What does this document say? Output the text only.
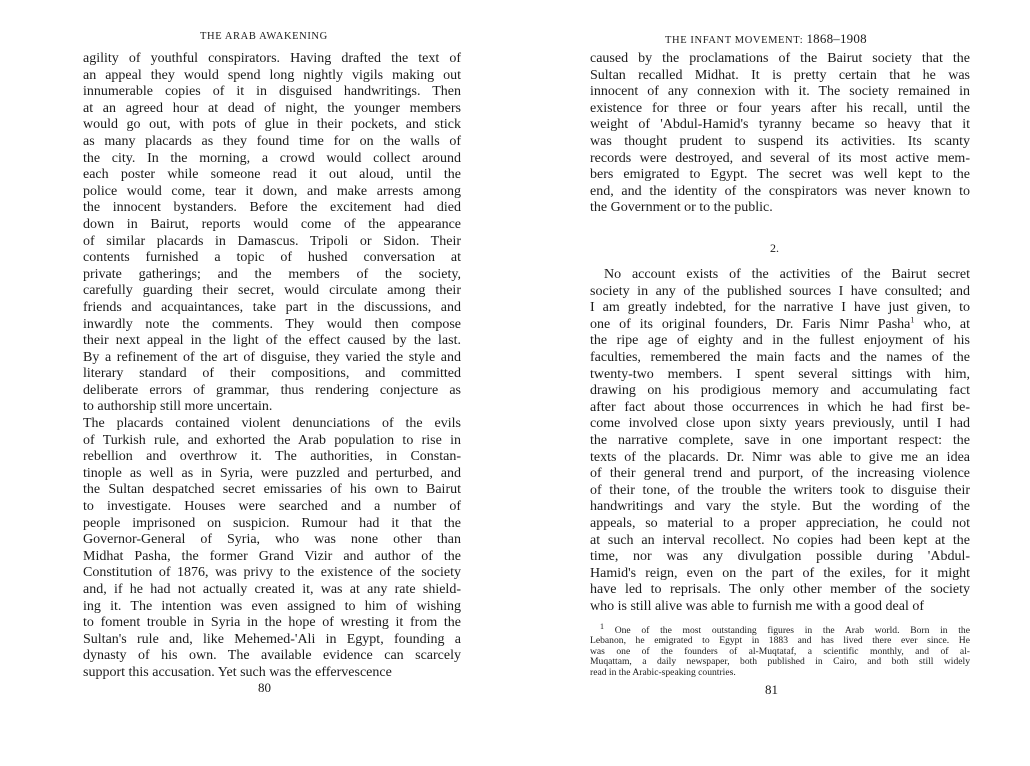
THE ARAB AWAKENING
agility of youthful conspirators. Having drafted the text of
an appeal they would spend long nightly vigils making out
innumerable copies of it in disguised handwritings. Then
at an agreed hour at dead of night, the younger members
would go out, with pots of glue in their pockets, and stick
as many placards as they found time for on the walls of
the city. In the morning, a crowd would collect around
each poster while someone read it out aloud, until the
police would come, tear it down, and make arrests among
the innocent bystanders. Before the excitement had died
down in Bairut, reports would come of the appearance
of similar placards in Damascus. Tripoli or Sidon. Their
contents furnished a topic of hushed conversation at
private gatherings; and the members of the society,
carefully guarding their secret, would circulate among their
friends and acquaintances, take part in the discussions, and
inwardly note the comments. They would then compose
their next appeal in the light of the effect caused by the last.
By a refinement of the art of disguise, they varied the style and
literary standard of their compositions, and committed
deliberate errors of grammar, thus rendering conjecture as
to authorship still more uncertain.
The placards contained violent denunciations of the evils
of Turkish rule, and exhorted the Arab population to rise in
rebellion and overthrow it. The authorities, in Constan-
tinople as well as in Syria, were puzzled and perturbed, and
the Sultan despatched secret emissaries of his own to Bairut
to investigate. Houses were searched and a number of
people imprisoned on suspicion. Rumour had it that the
Governor-General of Syria, who was none other than
Midhat Pasha, the former Grand Vizir and author of the
Constitution of 1876, was privy to the existence of the society
and, if he had not actually created it, was at any rate shield-
ing it. The intention was even assigned to him of wishing
to foment trouble in Syria in the hope of wresting it from the
Sultan's rule and, like Mehemed-'Ali in Egypt, founding a
dynasty of his own. The available evidence can scarcely
support this accusation. Yet such was the effervescence
80
THE INFANT MOVEMENT: 1868–1908
caused by the proclamations of the Bairut society that the
Sultan recalled Midhat. It is pretty certain that he was
innocent of any connexion with it. The society remained in
existence for three or four years after his recall, until the
weight of 'Abdul-Hamid's tyranny became so heavy that it
was thought prudent to suspend its activities. Its scanty
records were destroyed, and several of its most active mem-
bers emigrated to Egypt. The secret was well kept to the
end, and the identity of the conspirators was never known to
the Government or to the public.
2.
No account exists of the activities of the Bairut secret
society in any of the published sources I have consulted; and
I am greatly indebted, for the narrative I have just given, to
one of its original founders, Dr. Faris Nimr Pasha$^1$ who, at
the ripe age of eighty and in the fullest enjoyment of his
faculties, remembered the main facts and the names of the
twenty-two members. I spent several sittings with him,
drawing on his prodigious memory and accumulating fact
after fact about those occurrences in which he had first be-
come involved close upon sixty years previously, until I had
the narrative complete, save in one important respect: the
texts of the placards. Dr. Nimr was able to give me an idea
of their general trend and purport, of the increasing violence
of their tone, of the trouble the writers took to disguise their
handwritings and vary the style. But the wording of the
appeals, so material to a proper appreciation, he could not
at such an interval recollect. No copies had been kept at the
time, nor was any divulgation possible during 'Abdul-
Hamid's reign, even on the part of the exiles, for it might
have led to reprisals. The only other member of the society
who is still alive was able to furnish me with a good deal of
$^1$ One of the most outstanding figures in the Arab world. Born in the
Lebanon, he emigrated to Egypt in 1883 and has lived there ever since. He
was one of the founders of al-Muqtataf, a scientific monthly, and of al-
Muqattam, a daily newspaper, both published in Cairo, and both still widely
read in the Arabic-speaking countries.
81
